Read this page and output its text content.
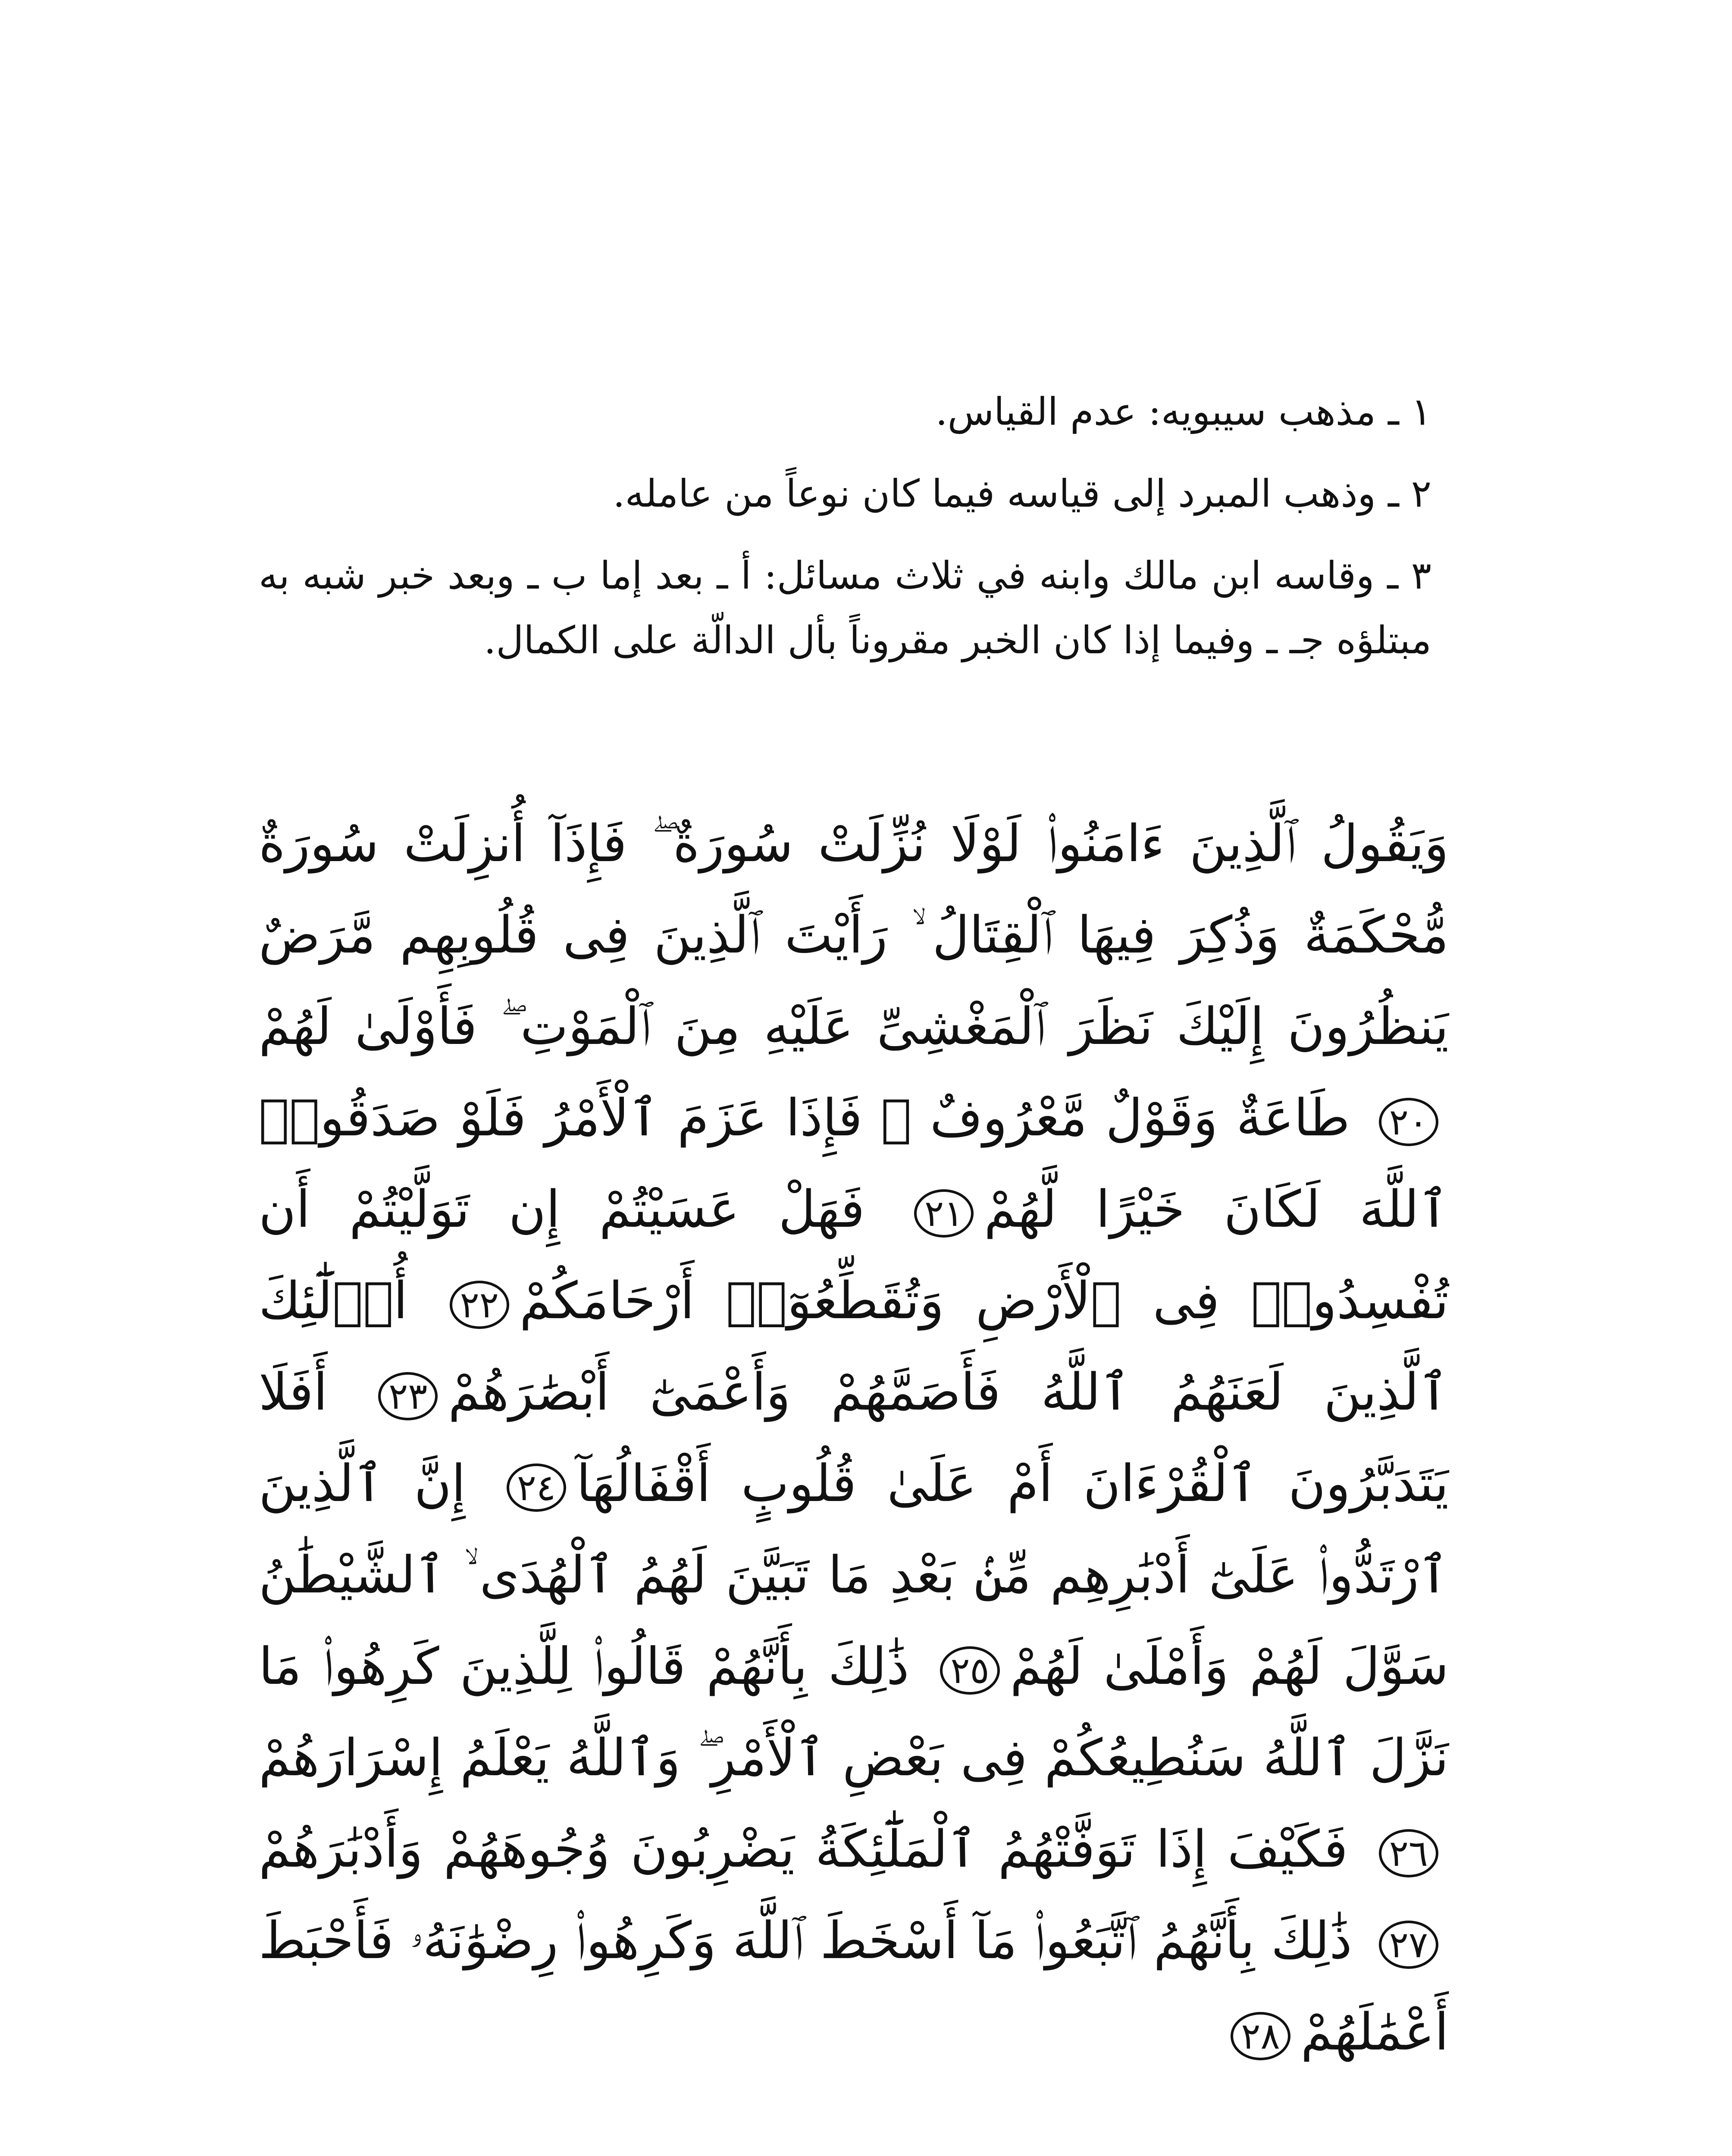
١ ـ مذهب سيبويه: عدم القياس.

٢ ـ وذهب المبرد إلى قياسه فيما كان نوعاً من عامله.

٣ ـ وقاسه ابن مالك وابنه في ثلاث مسائل: أ ـ بعد إما ب ـ وبعد خبر شبه به مبتلؤه جـ ـ وفيما إذا كان الخبر مقروناً بأل الدالّة على الكمال.

وَيَقُولُ ٱلَّذِينَ ءَامَنُوا۟ لَوْلَا نُزِّلَتْ سُورَةٌ ۖ فَإِذَآ أُنزِلَتْ سُورَةٌ مُّحْكَمَةٌ وَذُكِرَ فِيهَا ٱلْقِتَالُ ۙ رَأَيْتَ ٱلَّذِينَ فِى قُلُوبِهِم مَّرَضٌ يَنظُرُونَ إِلَيْكَ نَظَرَ ٱلْمَغْشِىِّ عَلَيْهِ مِنَ ٱلْمَوْتِ ۖ فَأَوْلَىٰ لَهُمْ٢٠ طَاعَةٌ وَقَوْلٌ مَّعْرُوفٌ ۚ فَإِذَا عَزَمَ ٱلْأَمْرُ فَلَوْ صَدَقُوا۟ ٱللَّهَ لَكَانَ خَيْرًا لَّهُمْ٢١ فَهَلْ عَسَيْتُمْ إِن تَوَلَّيْتُمْ أَن تُفْسِدُوا۟ فِى ٱلْأَرْضِ وَتُقَطِّعُوٓا۟ أَرْحَامَكُمْ٢٢ أُو۟لَٰٓئِكَ ٱلَّذِينَ لَعَنَهُمُ ٱللَّهُ فَأَصَمَّهُمْ وَأَعْمَىٰٓ أَبْصَٰرَهُمْ٢٣ أَفَلَا يَتَدَبَّرُونَ ٱلْقُرْءَانَ أَمْ عَلَىٰ قُلُوبٍ أَقْفَالُهَآ٢٤ إِنَّ ٱلَّذِينَ ٱرْتَدُّوا۟ عَلَىٰٓ أَدْبَٰرِهِم مِّنۢ بَعْدِ مَا تَبَيَّنَ لَهُمُ ٱلْهُدَى ۙ ٱلشَّيْطَٰنُ سَوَّلَ لَهُمْ وَأَمْلَىٰ لَهُمْ٢٥ ذَٰلِكَ بِأَنَّهُمْ قَالُوا۟ لِلَّذِينَ كَرِهُوا۟ مَا نَزَّلَ ٱللَّهُ سَنُطِيعُكُمْ فِى بَعْضِ ٱلْأَمْرِ ۖ وَٱللَّهُ يَعْلَمُ إِسْرَارَهُمْ٢٦ فَكَيْفَ إِذَا تَوَفَّتْهُمُ ٱلْمَلَٰٓئِكَةُ يَضْرِبُونَ وُجُوهَهُمْ وَأَدْبَٰرَهُمْ٢٧ ذَٰلِكَ بِأَنَّهُمُ ٱتَّبَعُوا۟ مَآ أَسْخَطَ ٱللَّهَ وَكَرِهُوا۟ رِضْوَٰنَهُۥ فَأَحْبَطَ أَعْمَٰلَهُمْ٢٨
